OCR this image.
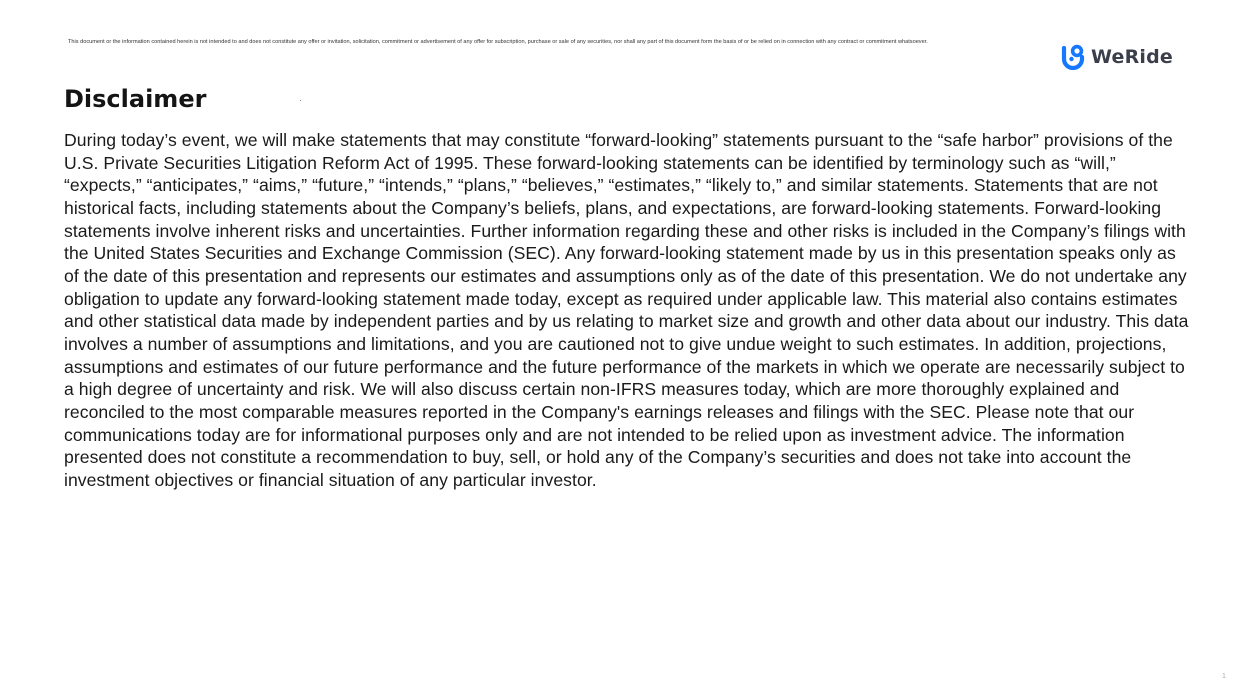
This document or the information contained herein is not intended to and does not constitute any offer or invitation, solicitation, commitment or advertisement of any offer for subscription, purchase or sale of any securities, nor shall any part of this document form the basis of or be relied on in connection with any contract or commitment whatsoever.

WeRide
Disclaimer

During today’s event, we will make statements that may constitute “forward-looking” statements pursuant to the “safe harbor” provisions of the U.S. Private Securities Litigation Reform Act of 1995. These forward-looking statements can be identified by terminology such as “will,” “expects,” “anticipates,” “aims,” “future,” “intends,” “plans,” “believes,” “estimates,” “likely to,” and similar statements. Statements that are not historical facts, including statements about the Company’s beliefs, plans, and expectations, are forward-looking statements. Forward-looking statements involve inherent risks and uncertainties. Further information regarding these and other risks is included in the Company’s filings with the United States Securities and Exchange Commission (SEC). Any forward-looking statement made by us in this presentation speaks only as of the date of this presentation and represents our estimates and assumptions only as of the date of this presentation. We do not undertake any obligation to update any forward-looking statement made today, except as required under applicable law. This material also contains estimates and other statistical data made by independent parties and by us relating to market size and growth and other data about our industry. This data involves a number of assumptions and limitations, and you are cautioned not to give undue weight to such estimates. In addition, projections, assumptions and estimates of our future performance and the future performance of the markets in which we operate are necessarily subject to a high degree of uncertainty and risk. We will also discuss certain non-IFRS measures today, which are more thoroughly explained and reconciled to the most comparable measures reported in the Company's earnings releases and filings with the SEC. Please note that our communications today are for informational purposes only and are not intended to be relied upon as investment advice. The information presented does not constitute a recommendation to buy, sell, or hold any of the Company’s securities and does not take into account the investment objectives or financial situation of any particular investor.

1
